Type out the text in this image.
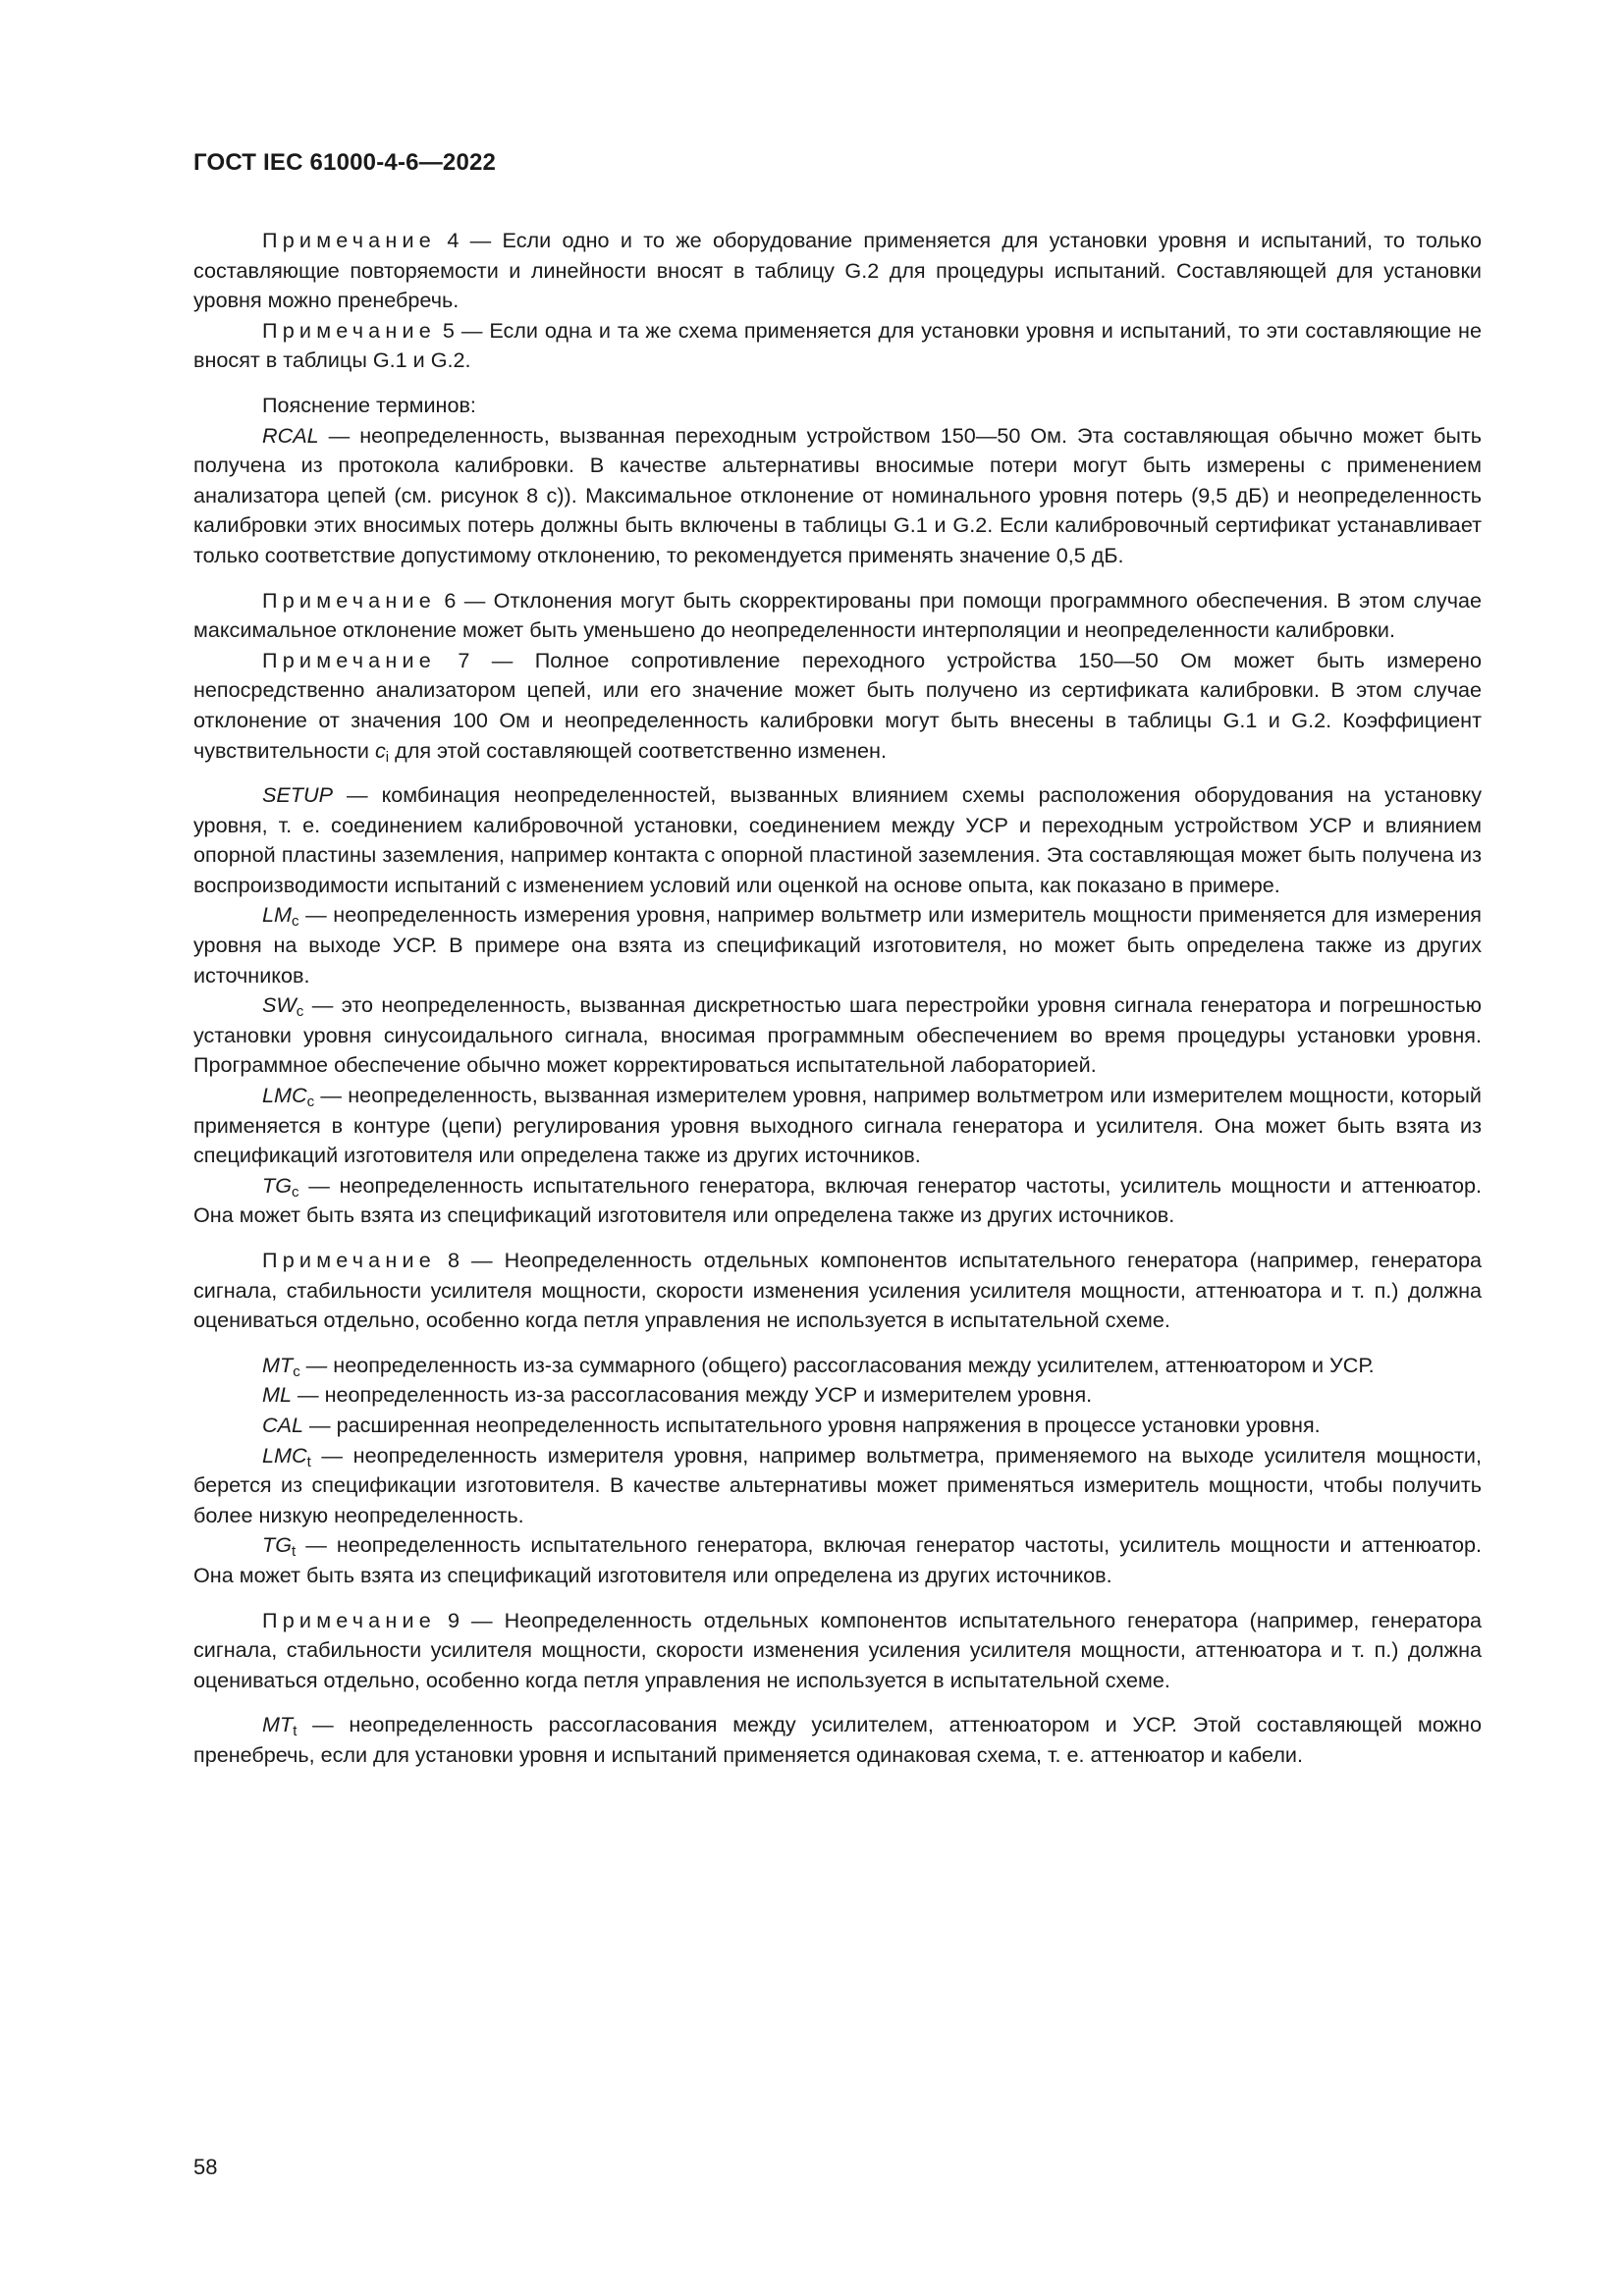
ГОСТ IEC 61000-4-6—2022

Примечание 4 — Если одно и то же оборудование применяется для установки уровня и испытаний, то только составляющие повторяемости и линейности вносят в таблицу G.2 для процедуры испытаний. Составляющей для установки уровня можно пренебречь.

Примечание 5 — Если одна и та же схема применяется для установки уровня и испытаний, то эти составляющие не вносят в таблицы G.1 и G.2.

Пояснение терминов:

RCAL — неопределенность, вызванная переходным устройством 150—50 Ом. Эта составляющая обычно может быть получена из протокола калибровки. В качестве альтернативы вносимые потери могут быть измерены с применением анализатора цепей (см. рисунок 8 с)). Максимальное отклонение от номинального уровня потерь (9,5 дБ) и неопределенность калибровки этих вносимых потерь должны быть включены в таблицы G.1 и G.2. Если калибровочный сертификат устанавливает только соответствие допустимому отклонению, то рекомендуется применять значение 0,5 дБ.

Примечание 6 — Отклонения могут быть скорректированы при помощи программного обеспечения. В этом случае максимальное отклонение может быть уменьшено до неопределенности интерполяции и неопределенности калибровки.

Примечание 7 — Полное сопротивление переходного устройства 150—50 Ом может быть измерено непосредственно анализатором цепей, или его значение может быть получено из сертификата калибровки. В этом случае отклонение от значения 100 Ом и неопределенность калибровки могут быть внесены в таблицы G.1 и G.2. Коэффициент чувствительности $c_i$ для этой составляющей соответственно изменен.

SETUP — комбинация неопределенностей, вызванных влиянием схемы расположения оборудования на установку уровня, т. е. соединением калибровочной установки, соединением между УСР и переходным устройством УСР и влиянием опорной пластины заземления, например контакта с опорной пластиной заземления. Эта составляющая может быть получена из воспроизводимости испытаний с изменением условий или оценкой на основе опыта, как показано в примере.

$LM_c$ — неопределенность измерения уровня, например вольтметр или измеритель мощности применяется для измерения уровня на выходе УСР. В примере она взята из спецификаций изготовителя, но может быть определена также из других источников.

$SW_c$ — это неопределенность, вызванная дискретностью шага перестройки уровня сигнала генератора и погрешностью установки уровня синусоидального сигнала, вносимая программным обеспечением во время процедуры установки уровня. Программное обеспечение обычно может корректироваться испытательной лабораторией.

$LMC_c$ — неопределенность, вызванная измерителем уровня, например вольтметром или измерителем мощности, который применяется в контуре (цепи) регулирования уровня выходного сигнала генератора и усилителя. Она может быть взята из спецификаций изготовителя или определена также из других источников.

$TG_c$ — неопределенность испытательного генератора, включая генератор частоты, усилитель мощности и аттенюатор. Она может быть взята из спецификаций изготовителя или определена также из других источников.

Примечание 8 — Неопределенность отдельных компонентов испытательного генератора (например, генератора сигнала, стабильности усилителя мощности, скорости изменения усиления усилителя мощности, аттенюатора и т. п.) должна оцениваться отдельно, особенно когда петля управления не используется в испытательной схеме.

$MT_c$ — неопределенность из-за суммарного (общего) рассогласования между усилителем, аттенюатором и УСР.

ML — неопределенность из-за рассогласования между УСР и измерителем уровня.

CAL — расширенная неопределенность испытательного уровня напряжения в процессе установки уровня.

$LMC_t$ — неопределенность измерителя уровня, например вольтметра, применяемого на выходе усилителя мощности, берется из спецификации изготовителя. В качестве альтернативы может применяться измеритель мощности, чтобы получить более низкую неопределенность.

$TG_t$ — неопределенность испытательного генератора, включая генератор частоты, усилитель мощности и аттенюатор. Она может быть взята из спецификаций изготовителя или определена из других источников.

Примечание 9 — Неопределенность отдельных компонентов испытательного генератора (например, генератора сигнала, стабильности усилителя мощности, скорости изменения усиления усилителя мощности, аттенюатора и т. п.) должна оцениваться отдельно, особенно когда петля управления не используется в испытательной схеме.

$MT_t$ — неопределенность рассогласования между усилителем, аттенюатором и УСР. Этой составляющей можно пренебречь, если для установки уровня и испытаний применяется одинаковая схема, т. е. аттенюатор и кабели.

58
